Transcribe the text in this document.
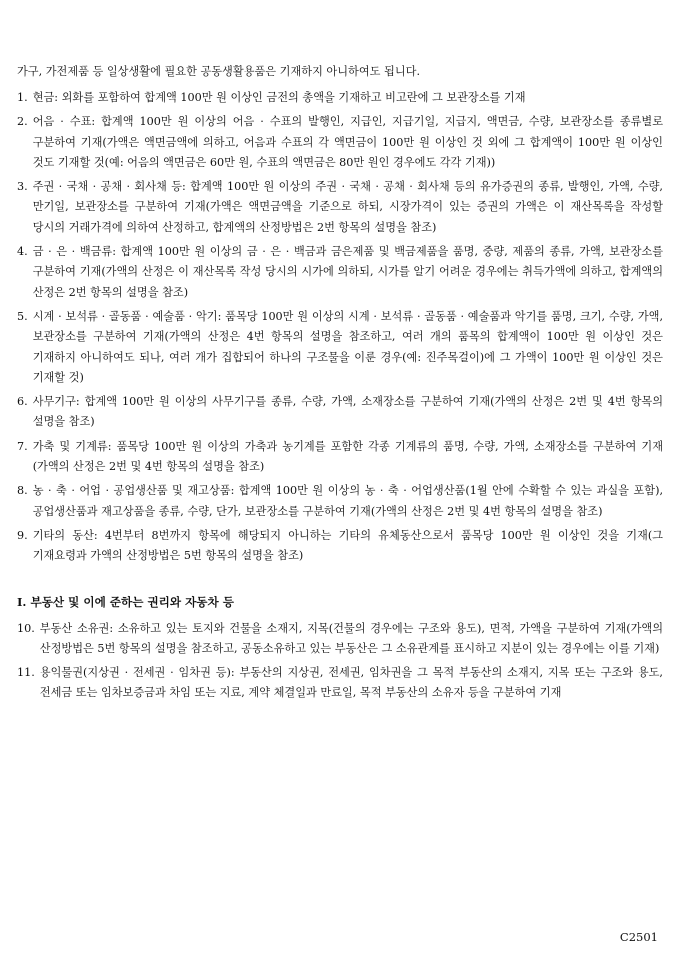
가구, 가전제품 등 일상생활에 필요한 공동생활용품은 기재하지 아니하여도 됩니다.

1. 현금: 외화를 포함하여 합계액 100만 원 이상인 금전의 총액을 기재하고 비고란에 그 보관장소를 기재
2. 어음 · 수표: 합계액 100만 원 이상의 어음 · 수표의 발행인, 지급인, 지급기일, 지급지, 액면금, 수량, 보관장소를 종류별로 구분하여 기재(가액은 액면금액에 의하고, 어음과 수표의 각 액면금이 100만 원 이상인 것 외에 그 합계액이 100만 원 이상인 것도 기재할 것(예: 어음의 액면금은 60만 원, 수표의 액면금은 80만 원인 경우에도 각각 기재))
3. 주권 · 국채 · 공채 · 회사채 등: 합계액 100만 원 이상의 주권 · 국채 · 공채 · 회사채 등의 유가증권의 종류, 발행인, 가액, 수량, 만기일, 보관장소를 구분하여 기재(가액은 액면금액을 기준으로 하되, 시장가격이 있는 증권의 가액은 이 재산목록을 작성할 당시의 거래가격에 의하여 산정하고, 합계액의 산정방법은 2번 항목의 설명을 참조)
4. 금 · 은 · 백금류: 합계액 100만 원 이상의 금 · 은 · 백금과 금은제품 및 백금제품을 품명, 중량, 제품의 종류, 가액, 보관장소를 구분하여 기재(가액의 산정은 이 재산목록 작성 당시의 시가에 의하되, 시가를 알기 어려운 경우에는 취득가액에 의하고, 합계액의 산정은 2번 항목의 설명을 참조)
5. 시계 · 보석류 · 골동품 · 예술품 · 악기: 품목당 100만 원 이상의 시계 · 보석류 · 골동품 · 예술품과 악기를 품명, 크기, 수량, 가액, 보관장소를 구분하여 기재(가액의 산정은 4번 항목의 설명을 참조하고, 여러 개의 품목의 합계액이 100만 원 이상인 것은 기재하지 아니하여도 되나, 여러 개가 집합되어 하나의 구조물을 이룬 경우(예: 진주목걸이)에 그 가액이 100만 원 이상인 것은 기재할 것)
6. 사무기구: 합계액 100만 원 이상의 사무기구를 종류, 수량, 가액, 소재장소를 구분하여 기재(가액의 산정은 2번 및 4번 항목의 설명을 참조)
7. 가축 및 기계류: 품목당 100만 원 이상의 가축과 농기계를 포함한 각종 기계류의 품명, 수량, 가액, 소재장소를 구분하여 기재(가액의 산정은 2번 및 4번 항목의 설명을 참조)
8. 농 · 축 · 어업 · 공업생산품 및 재고상품: 합계액 100만 원 이상의 농 · 축 · 어업생산품(1월 안에 수확할 수 있는 과실을 포함), 공업생산품과 재고상품을 종류, 수량, 단가, 보관장소를 구분하여 기재(가액의 산정은 2번 및 4번 항목의 설명을 참조)
9. 기타의 동산: 4번부터 8번까지 항목에 해당되지 아니하는 기타의 유체동산으로서 품목당 100만 원 이상인 것을 기재(그 기재요령과 가액의 산정방법은 5번 항목의 설명을 참조)
Ⅰ. 부동산 및 이에 준하는 권리와 자동차 등
10. 부동산 소유권: 소유하고 있는 토지와 건물을 소재지, 지목(건물의 경우에는 구조와 용도), 면적, 가액을 구분하여 기재(가액의 산정방법은 5번 항목의 설명을 참조하고, 공동소유하고 있는 부동산은 그 소유관계를 표시하고 지분이 있는 경우에는 이를 기재)
11. 용익물권(지상권 · 전세권 · 임차권 등): 부동산의 지상권, 전세권, 임차권을 그 목적 부동산의 소재지, 지목 또는 구조와 용도, 전세금 또는 임차보증금과 차임 또는 지료, 계약 체결일과 만료일, 목적 부동산의 소유자 등을 구분하여 기재
C2501
